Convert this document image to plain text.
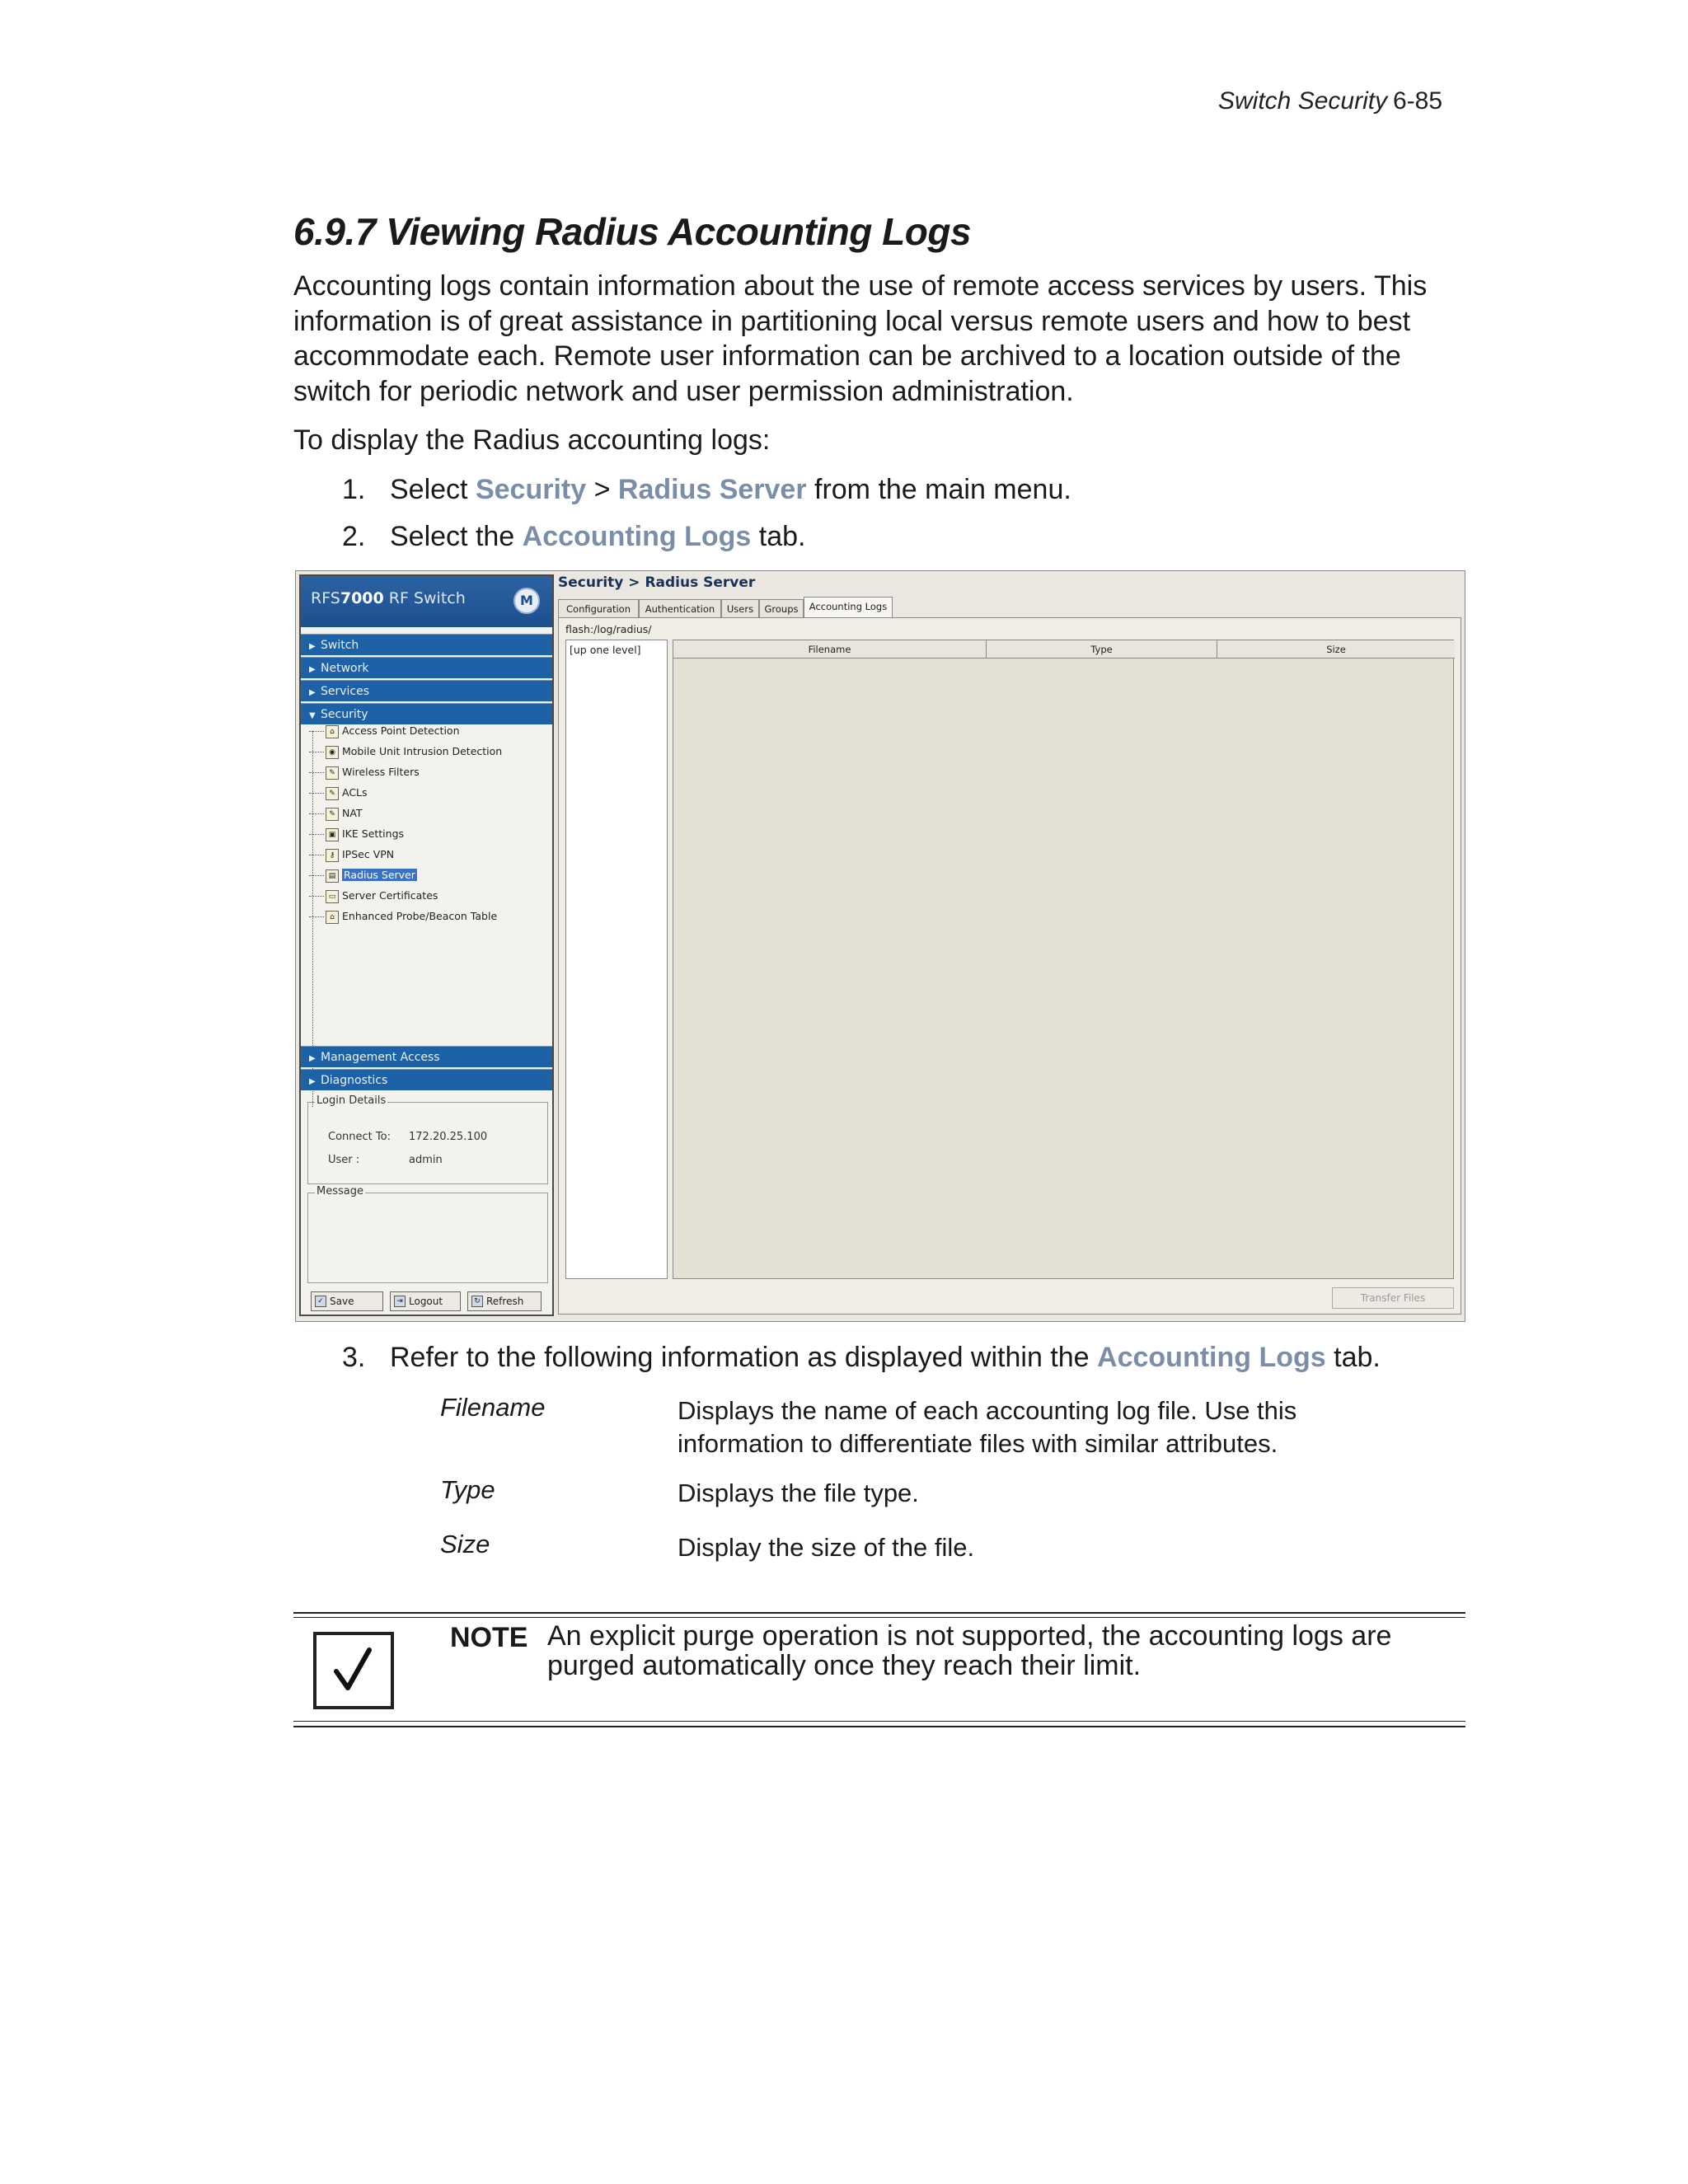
Switch Security 6-85
6.9.7 Viewing Radius Accounting Logs
Accounting logs contain information about the use of remote access services by users. This information is of great assistance in partitioning local versus remote users and how to best accommodate each. Remote user information can be archived to a location outside of the switch for periodic network and user permission administration.
To display the Radius accounting logs:
1. Select Security > Radius Server from the main menu.
2. Select the Accounting Logs tab.
RFS7000 RF Switch	M
▶ Switch
▶ Network
▶ Services
▼ Security
⌂ Access Point Detection
◉ Mobile Unit Intrusion Detection
✎ Wireless Filters
✎ ACLs
✎ NAT
▣ IKE Settings
⚷ IPSec VPN
▤ Radius Server
▭ Server Certificates
⌂ Enhanced Probe/Beacon Table
▶ Management Access
▶ Diagnostics
Login Details
Connect To: 172.20.25.100
User :	admin
Message
✓ Save	⇥ Logout	↻ Refresh
Security > Radius Server
Configuration	Authentication	Users	Groups	Accounting Logs
flash:/log/radius/
[up one level]	Filename	Type	Size
Transfer Files
3. Refer to the following information as displayed within the Accounting Logs tab.
Filename	Displays the name of each accounting log file. Use this information to differentiate files with similar attributes.
Type	Displays the file type.
Size	Display the size of the file.
NOTE An explicit purge operation is not supported, the accounting logs are purged automatically once they reach their limit.
